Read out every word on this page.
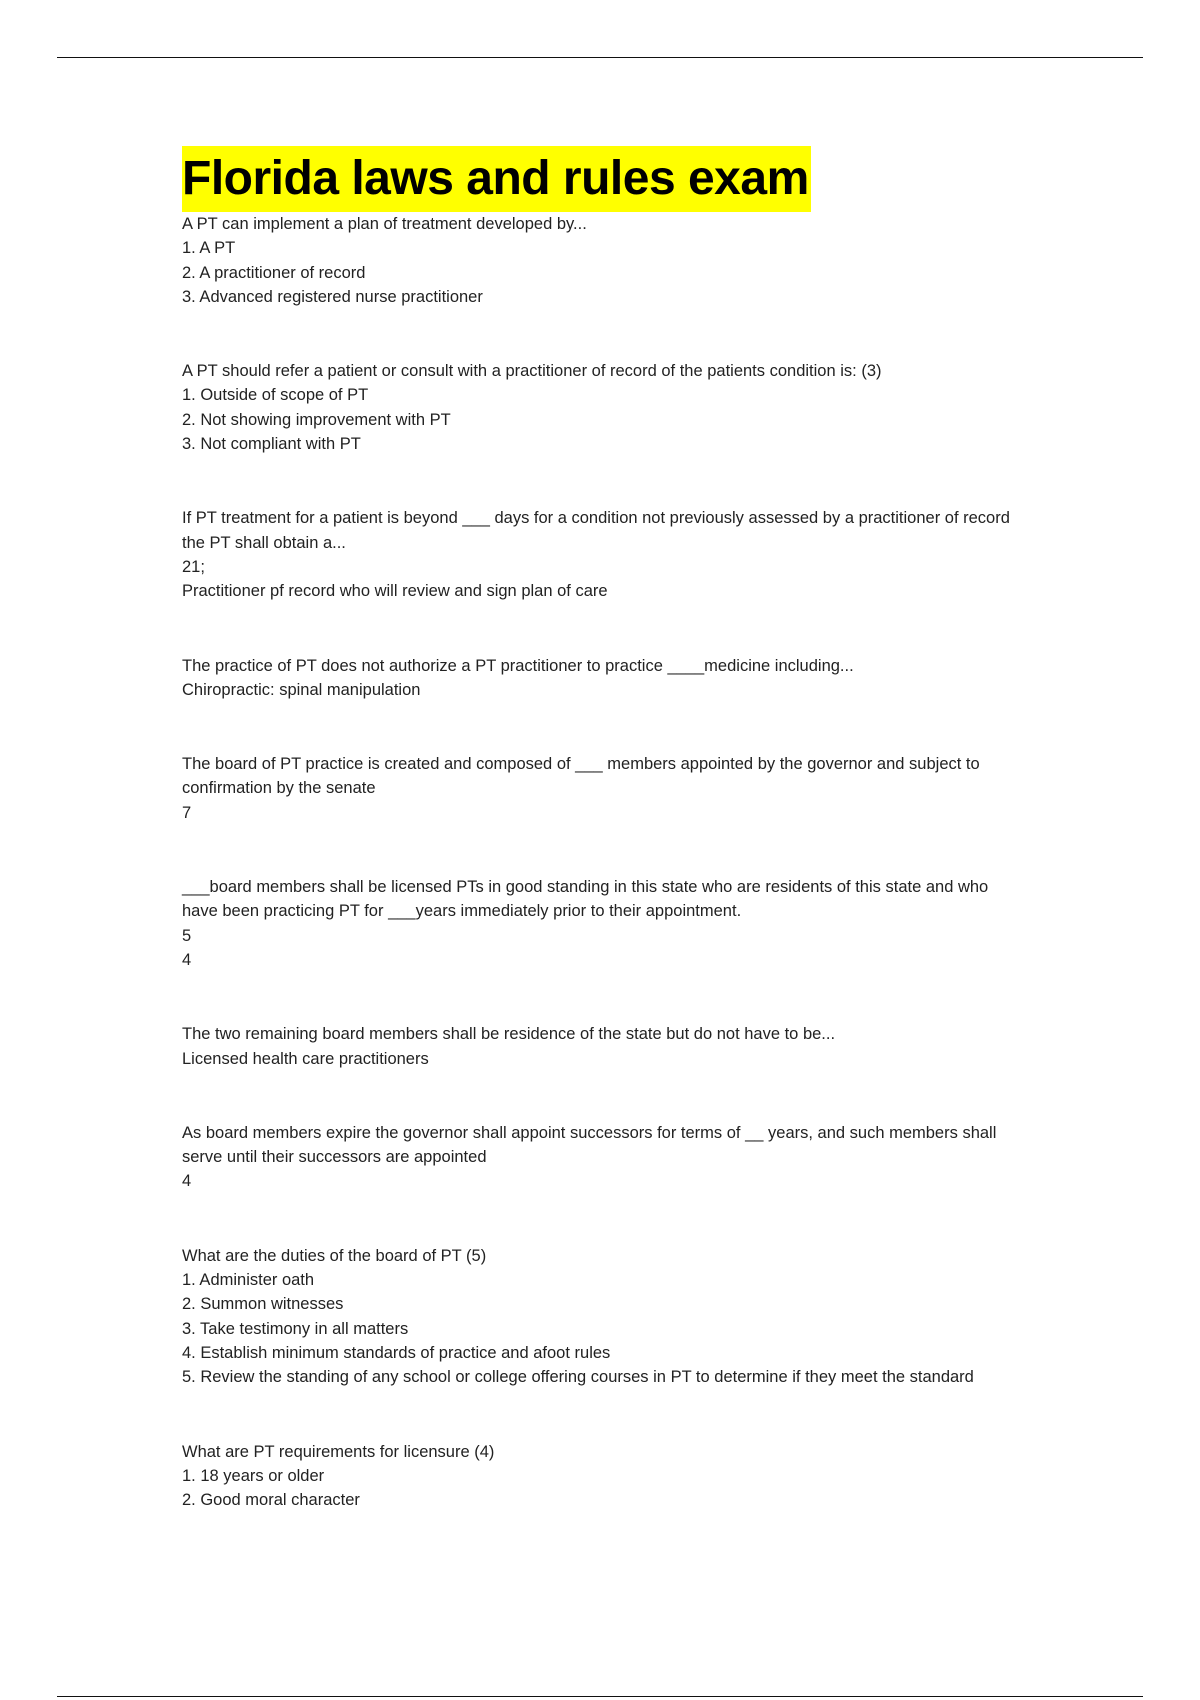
Florida laws and rules exam

A PT can implement a plan of treatment developed by...

1. A PT

2. A practitioner of record

3. Advanced registered nurse practitioner

A PT should refer a patient or consult with a practitioner of record of the patients condition is: (3)

1. Outside of scope of PT

2. Not showing improvement with PT

3. Not compliant with PT

If PT treatment for a patient is beyond ___ days for a condition not previously assessed by a practitioner of record the PT shall obtain a...

21;

Practitioner pf record who will review and sign plan of care

The practice of PT does not authorize a PT practitioner to practice ____medicine including...

Chiropractic: spinal manipulation

The board of PT practice is created and composed of ___ members appointed by the governor and subject to confirmation by the senate

7

___board members shall be licensed PTs in good standing in this state who are residents of this state and who have been practicing PT for ___years immediately prior to their appointment.

5

4

The two remaining board members shall be residence of the state but do not have to be...

Licensed health care practitioners

As board members expire the governor shall appoint successors for terms of __ years, and such members shall serve until their successors are appointed

4

What are the duties of the board of PT (5)

1. Administer oath

2. Summon witnesses

3. Take testimony in all matters

4. Establish minimum standards of practice and afoot rules

5. Review the standing of any school or college offering courses in PT to determine if they meet the standard

What are PT requirements for licensure (4)

1. 18 years or older

2. Good moral character
